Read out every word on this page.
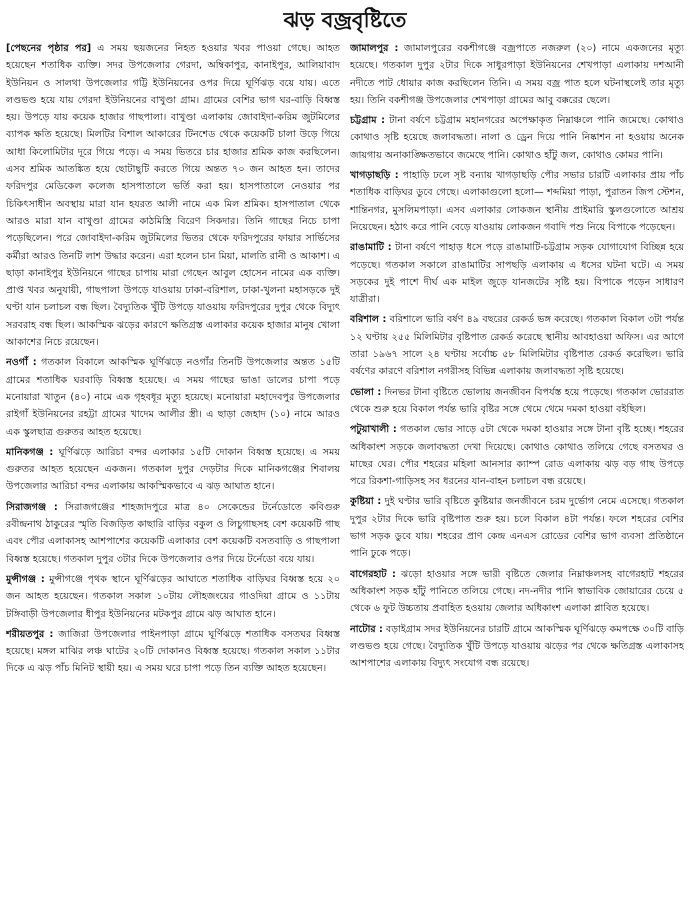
ঝড় বজ্রবৃষ্টিতে

[পেছনের পৃষ্ঠার পর] এ সময় ছয়জনের নিহত হওয়ার খবর পাওয়া গেছে। আহত হয়েছেন শতাধিক ব্যক্তি। সদর উপজেলার গেরদা, অম্বিকাপুর, কানাইপুর, আলিয়াবাদ ইউনিয়ন ও সালথা উপজেলার গট্টি ইউনিয়নের ওপর দিয়ে ঘূর্ণিঝড় বয়ে যায়। এতে লণ্ডভণ্ড হয়ে যায় গেরদা ইউনিয়নের বাখুণ্ডা গ্রাম। গ্রামের বেশির ভাগ ঘর-বাড়ি বিধ্বস্ত হয়। উপড়ে যায় কয়েক হাজার গাছপালা। বাখুণ্ডা এলাকায় জোবাইদা-করিম জুটমিলের ব্যাপক ক্ষতি হয়েছে। মিলটির বিশাল আকারের টিনশেড থেকে কয়েকটি চালা উড়ে গিয়ে আধা কিলোমিটার দূরে গিয়ে পড়ে। এ সময় ভিতরে চার হাজার শ্রমিক কাজ করছিলেন। এসব শ্রমিক আতঙ্কিত হয়ে ছোটাছুটি করতে গিয়ে অন্তত ৭০ জন আহত হন। তাদের ফরিদপুর মেডিকেল কলেজ হাসপাতালে ভর্তি করা হয়। হাসপাতালে নেওয়ার পর চিকিৎসাধীন অবস্থায় মারা যান হযরত আলী নামে এক মিল শ্রমিক। হাসপাতাল থেকে আরও মারা যান বাখুণ্ডা গ্রামের কাঠমিস্ত্রি বিরেণ সিকদার। তিনি গাছের নিচে চাপা পড়েছিলেন। পরে জোবাইদা-করিম জুটমিলের ভিতর থেকে ফরিদপুরের ফায়ার সার্ভিসের কর্মীরা আরও তিনটি লাশ উদ্ধার করেন। এরা হলেন চান মিয়া, মালতি রানী ও আকাশ। এ ছাড়া কানাইপুর ইউনিয়নে গাছের চাপায় মারা গেছেন আবুল হোসেন নামের এক ব্যক্তি। প্রাপ্ত খবর অনুযায়ী, গাছপালা উপড়ে যাওয়ায় ঢাকা-বরিশাল, ঢাকা-খুলনা মহাসড়কে দুই ঘণ্টা যান চলাচল বন্ধ ছিল। বৈদ্যুতিক খুঁটি উপড়ে যাওয়ায় ফরিদপুরের দুপুর থেকে বিদ্যুৎ সরবরাহ বন্ধ ছিল। আকস্মিক ঝড়ের কারণে ক্ষতিগ্রস্ত এলাকার কয়েক হাজার মানুষ খোলা আকাশের নিচে রয়েছেন।

নওগাঁ : গতকাল বিকালে আকস্মিক ঘূর্ণিঝড়ে নওগাঁর তিনটি উপজেলার অন্তত ১৫টি গ্রামের শতাধিক ঘরবাড়ি বিধ্বস্ত হয়েছে। এ সময় গাছের ভাঙা ডালের চাপা পড়ে মনোয়ারা খাতুন (৪০) নামে এক গৃহবধূর মৃত্যু হয়েছে। মনোয়ারা মহাদেবপুর উপজেলার রাইগাঁ ইউনিয়নের রহট্টা গ্রামের খাদেম আলীর স্ত্রী। এ ছাড়া জেহাদ (১০) নামে আরও এক স্কুলছাত্র গুরুতর আহত হয়েছে।

মানিকগঞ্জ : ঘূর্ণিঝড়ে আরিচা বন্দর এলাকার ১৫টি দোকান বিধ্বস্ত হয়েছে। এ সময় গুরুতর আহত হয়েছেন একজন। গতকাল দুপুর দেড়টার দিকে মানিকগঞ্জের শিবালয় উপজেলার আরিচা বন্দর এলাকায় আকস্মিকভাবে এ ঝড় আঘাত হানে।

সিরাজগঞ্জ : সিরাজগঞ্জের শাহজাদপুরে মাত্র ৪০ সেকেন্ডের টর্নেডোতে কবিগুরু রবীন্দ্রনাথ ঠাকুরের স্মৃতি বিজড়িত কাছারি বাড়ির বকুল ও লিচুগাছসহ বেশ কয়েকটি গাছ এবং পৌর এলাকাসহ আশপাশের কয়েকটি এলাকার বেশ কয়েকটি বসতবাড়ি ও গাছপালা বিধ্বস্ত হয়েছে। গতকাল দুপুর ৩টার দিকে উপজেলার ওপর দিয়ে টর্নেডো বয়ে যায়।

মুন্সীগঞ্জ : মুন্সীগঞ্জে পৃথক স্থানে ঘূর্ণিঝড়ের আঘাতে শতাধিক বাড়িঘর বিধ্বস্ত হয়ে ২০ জন আহত হয়েছেন। গতকাল সকাল ১০টায় লৌহজংয়ের গাওদিয়া গ্রামে ও ১১টায় টঙ্গিবাড়ী উপজেলার ধীপুর ইউনিয়নের মটকপুর গ্রামে ঝড় আঘাত হানে।

শরীয়তপুর : জাজিরা উপজেলার পাইনপাড়া গ্রামে ঘূর্ণিঝড়ে শতাধিক বসতঘর বিধ্বস্ত হয়েছে। মঙ্গল মাঝির লঞ্চ ঘাটের ২০টি দোকানও বিধ্বস্ত হয়েছে। গতকাল সকাল ১১টার দিকে এ ঝড় পাঁচ মিনিট স্থায়ী হয়। এ সময় ঘরে চাপা পড়ে তিন ব্যক্তি আহত হয়েছেন।

জামালপুর : জামালপুরের বকশীগঞ্জে বজ্রপাতে নজরুল (২০) নামে একজনের মৃত্যু হয়েছে। গতকাল দুপুর ২টার দিকে সাধুরপাড়া ইউনিয়নের শেখপাড়া এলাকায় দশআনী নদীতে পাট ধোয়ার কাজ করছিলেন তিনি। এ সময় বজ্র পাত হলে ঘটনাস্থলেই তার মৃত্যু হয়। তিনি বকশীগঞ্জ উপজেলার শেখপাড়া গ্রামের আবু বক্করের ছেলে।

চট্টগ্রাম : টানা বর্ষণে চট্টগ্রাম মহানগরের অপেক্ষাকৃত নিম্নাঞ্চলে পানি জমেছে। কোথাও কোথাও সৃষ্টি হয়েছে জলাবদ্ধতা। নালা ও ড্রেন দিয়ে পানি নিষ্কাশন না হওয়ায় অনেক জায়গায় অনাকাঙ্ক্ষিতভাবে জমেছে পানি। কোথাও হাঁটু জল, কোথাও কোমর পানি।

খাগড়াছড়ি : পাহাড়ি ঢলে সৃষ্ট বন্যায় খাগড়াছড়ি পৌর সভার চারটি এলাকার প্রায় পাঁচ শতাধিক বাড়িঘর ডুবে গেছে। এলাকাগুলো হলো— শব্দমিয়া পাড়া, পুরাতন জিপ স্টেশন, শান্তিনগর, মুসলিমপাড়া। এসব এলাকার লোকজন স্থানীয় প্রাইমারি স্কুলগুলোতে আশ্রয় নিয়েছেন। হঠাৎ করে পানি বেড়ে যাওয়ায় লোকজন গবাদি পশু নিয়ে বিপাকে পড়েছেন।

রাঙামাটি : টানা বর্ষণে পাহাড় ধসে পড়ে রাঙামাটি-চট্টগ্রাম সড়ক যোগাযোগ বিচ্ছিন্ন হয়ে পড়েছে। গতকাল সকালে রাঙামাটির সাপছড়ি এলাকায় এ ধসের ঘটনা ঘটে। এ সময় সড়কের দুই পাশে দীর্ঘ এক মাইল জুড়ে যানজটের সৃষ্টি হয়। বিপাকে পড়েন সাধারণ যাত্রীরা।

বরিশাল : বরিশালে ভারি বর্ষণ ৪৯ বছরের রেকর্ড ভঙ্গ করেছে। গতকাল বিকাল ৩টা পর্যন্ত ১২ ঘণ্টায় ২৫৫ মিলিমিটার বৃষ্টিপাত রেকর্ড করেছে স্থানীয় আবহাওয়া অফিস। এর আগে তারা ১৯৬৭ সালে ২৪ ঘণ্টায় সর্বোচ্চ ৫৮ মিলিমিটার বৃষ্টিপাত রেকর্ড করেছিল। ভারি বর্ষণের কারণে বরিশাল নগরীসহ বিভিন্ন এলাকায় জলাবদ্ধতা সৃষ্টি হয়েছে।

ভোলা : দিনভর টানা বৃষ্টিতে ভোলায় জনজীবন বিপর্যস্ত হয়ে পড়েছে। গতকাল ভোররাত থেকে শুরু হয়ে বিকাল পর্যন্ত ভারি বৃষ্টির সঙ্গে থেমে থেমে দমকা হাওয়া বইছিল।

পটুয়াখালী : গতকাল ভোর সাড়ে ৫টা থেকে দমকা হাওয়ার সঙ্গে টানা বৃষ্টি হচ্ছে। শহরের অধিকাংশ সড়কে জলাবদ্ধতা দেখা দিয়েছে। কোথাও কোথাও তলিয়ে গেছে বসতঘর ও মাছের ঘের। পৌর শহরের মহিলা আনসার ক্যাম্প রোড এলাকায় ঝড় বড় গাছ উপড়ে পরে রিকশা-গাড়িসহ সব ধরনের যান-বাহন চলাচল বন্ধ রয়েছে।

কুষ্টিয়া : দুই ঘণ্টার ভারি বৃষ্টিতে কুষ্টিয়ার জনজীবনে চরম দুর্ভোগ নেমে এসেছে। গতকাল দুপুর ২টার দিকে ভারি বৃষ্টিপাত শুরু হয়। চলে বিকাল ৪টা পর্যন্ত। ফলে শহরের বেশির ভাগ সড়ক ডুবে যায়। শহরের প্রাণ কেন্দ্র এনএস রোডের বেশির ভাগ ব্যবসা প্রতিষ্ঠানে পানি ঢুকে পড়ে।

বাগেরহাট : ঝড়ো হাওয়ার সঙ্গে ভারী বৃষ্টিতে জেলার নিম্নাঞ্চলসহ বাগেরহাট শহরের অধিকাংশ সড়ক হাঁটু পানিতে তলিয়ে গেছে। নদ-নদীর পানি স্বাভাবিক জোয়ারের চেয়ে ৫ থেকে ৬ ফুট উচ্চতায় প্রবাহিত হওয়ায় জেলার অধিকাংশ এলাকা প্লাবিত হয়েছে।

নাটোর : বড়াইগ্রাম সদর ইউনিয়নের চারটি গ্রামে আকস্মিক ঘূর্ণিঝড়ে কমপক্ষে ৩০টি বাড়ি লণ্ডভণ্ড হয়ে গেছে। বৈদ্যুতিক খুঁটি উপড়ে যাওয়ায় ঝড়ের পর থেকে ক্ষতিগ্রস্ত এলাকাসহ আশপাশের এলাকায় বিদ্যুৎ সংযোগ বন্ধ রয়েছে।
